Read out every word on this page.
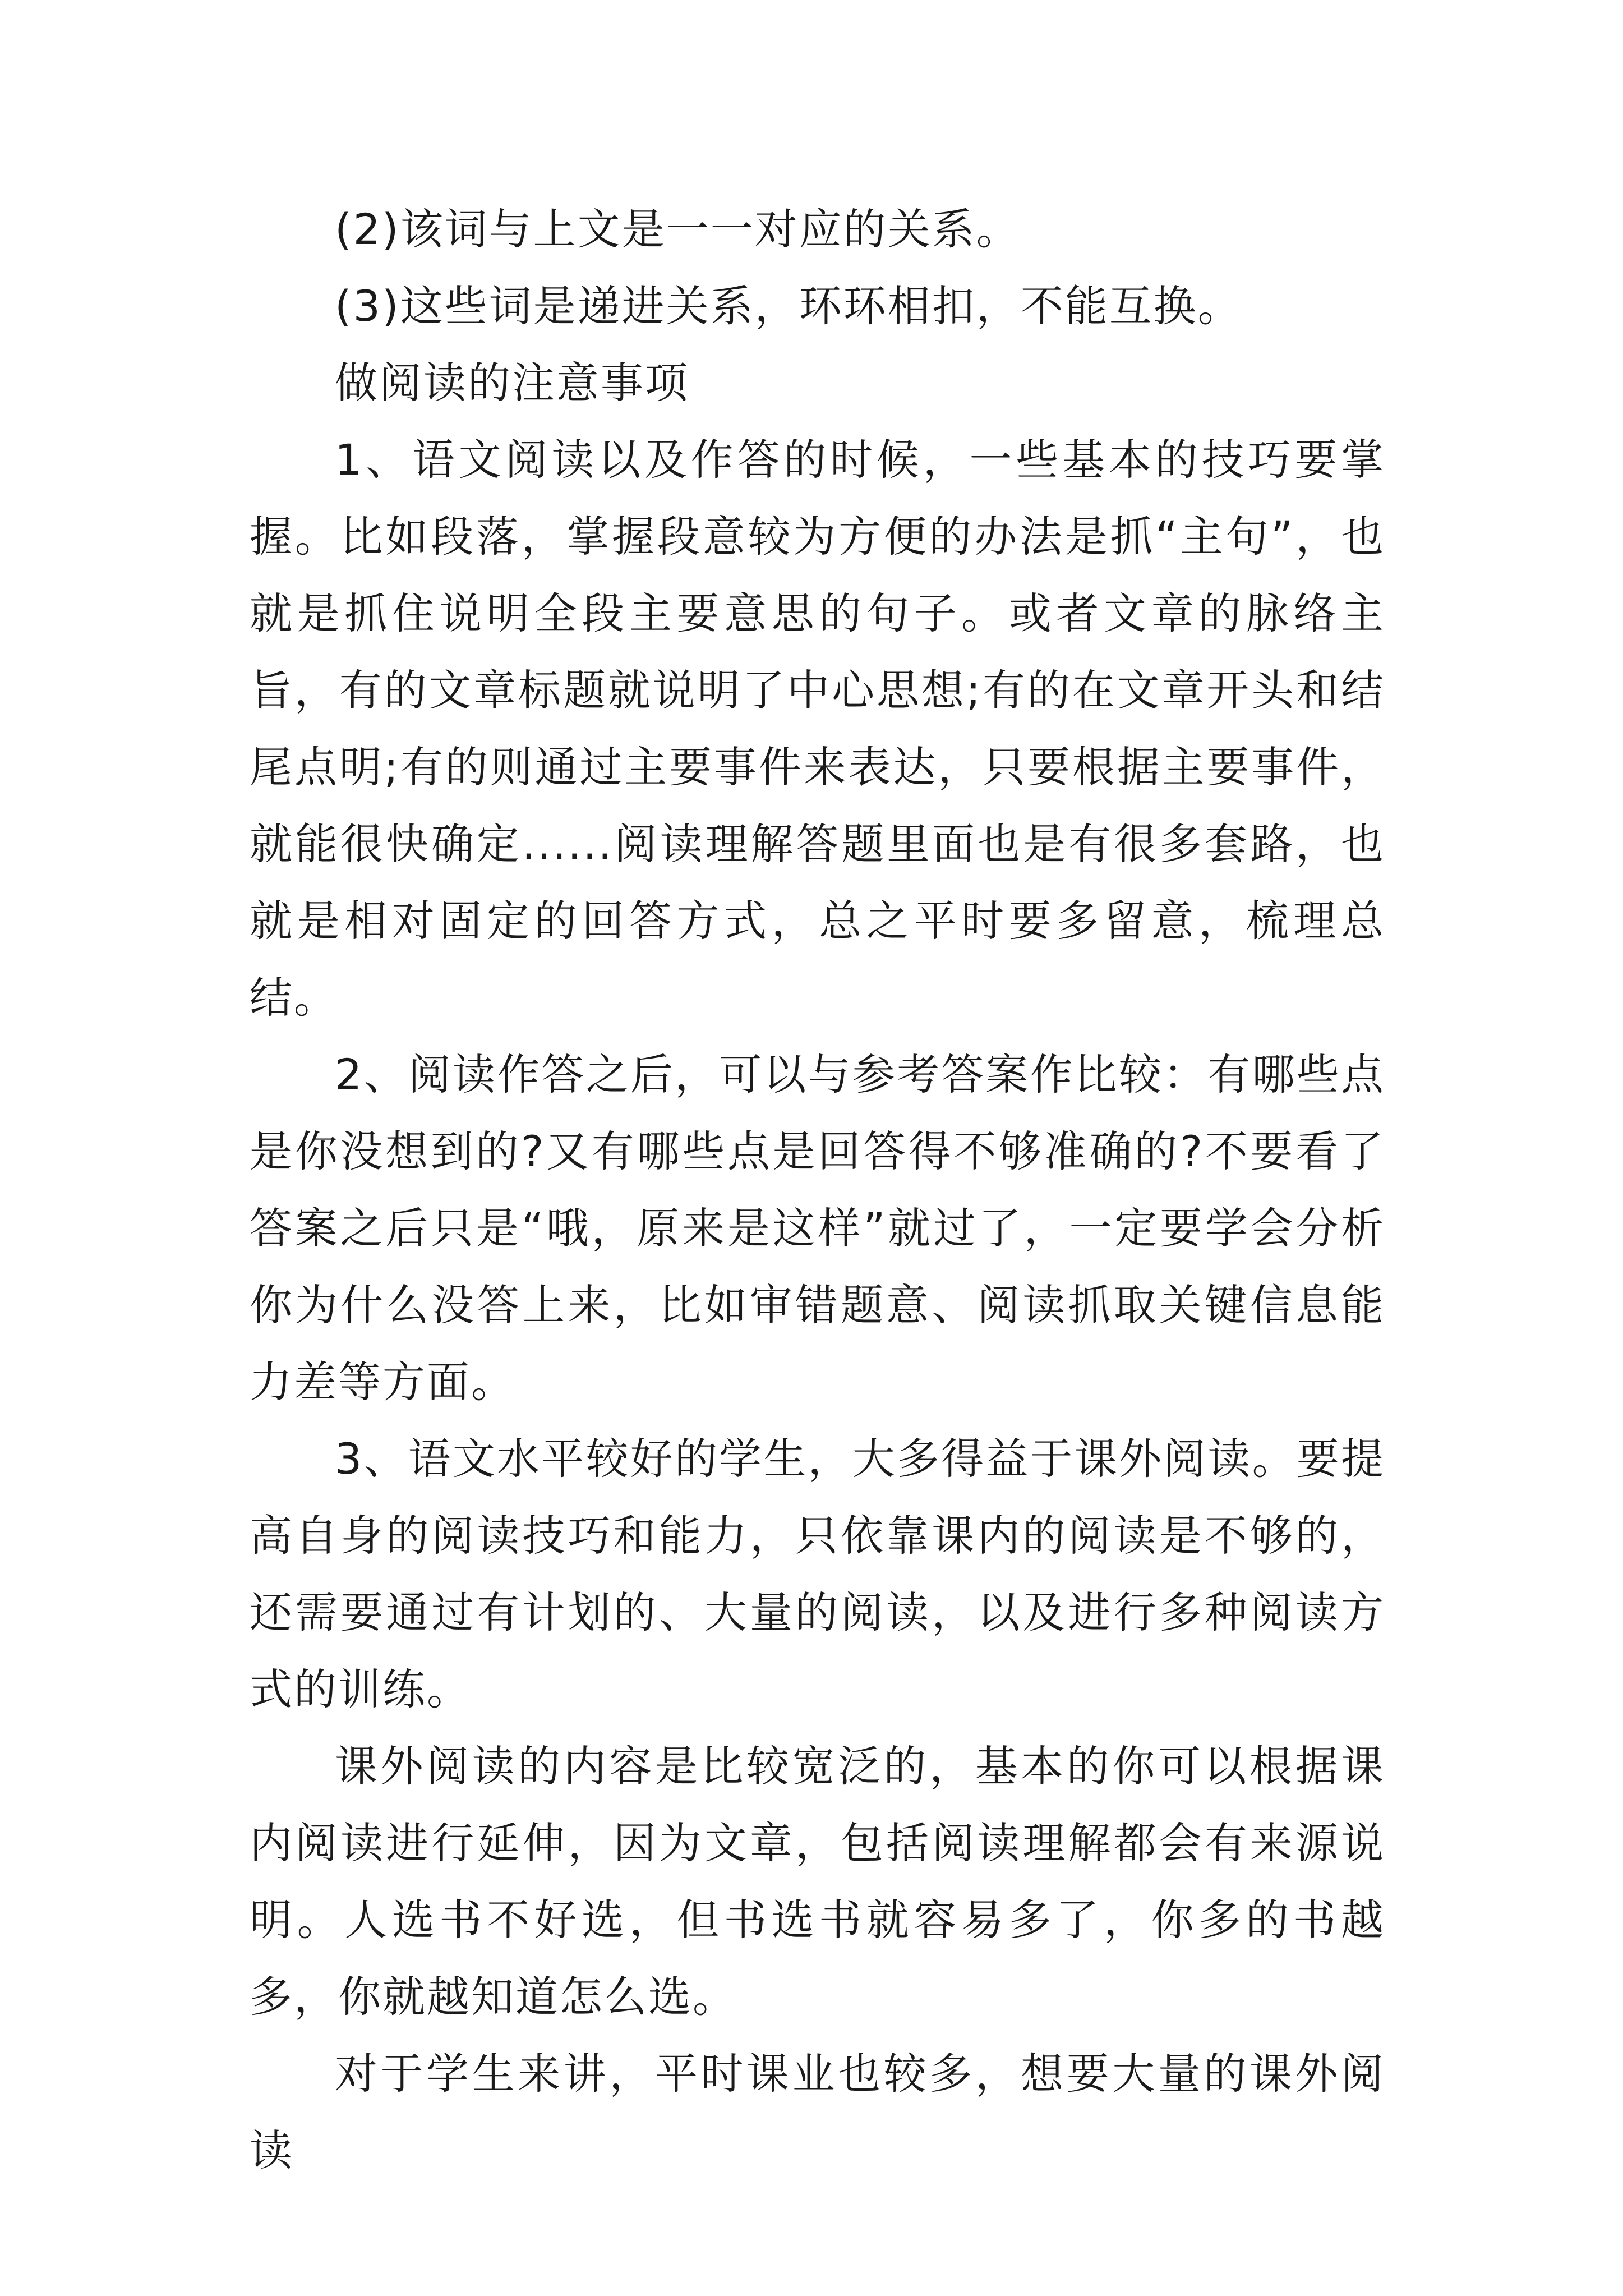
(2)该词与上文是一一对应的关系。

(3)这些词是递进关系，环环相扣，不能互换。

做阅读的注意事项

1、语文阅读以及作答的时候，一些基本的技巧要掌握。比如段落，掌握段意较为方便的办法是抓“主句”，也就是抓住说明全段主要意思的句子。或者文章的脉络主旨，有的文章标题就说明了中心思想;有的在文章开头和结尾点明;有的则通过主要事件来表达，只要根据主要事件，就能很快确定......阅读理解答题里面也是有很多套路，也就是相对固定的回答方式，总之平时要多留意，梳理总结。

2、阅读作答之后，可以与参考答案作比较：有哪些点是你没想到的?又有哪些点是回答得不够准确的?不要看了答案之后只是“哦，原来是这样”就过了，一定要学会分析你为什么没答上来，比如审错题意、阅读抓取关键信息能力差等方面。

3、语文水平较好的学生，大多得益于课外阅读。要提高自身的阅读技巧和能力，只依靠课内的阅读是不够的，还需要通过有计划的、大量的阅读，以及进行多种阅读方式的训练。

课外阅读的内容是比较宽泛的，基本的你可以根据课内阅读进行延伸，因为文章，包括阅读理解都会有来源说明。人选书不好选，但书选书就容易多了，你多的书越多，你就越知道怎么选。

对于学生来讲，平时课业也较多，想要大量的课外阅读
